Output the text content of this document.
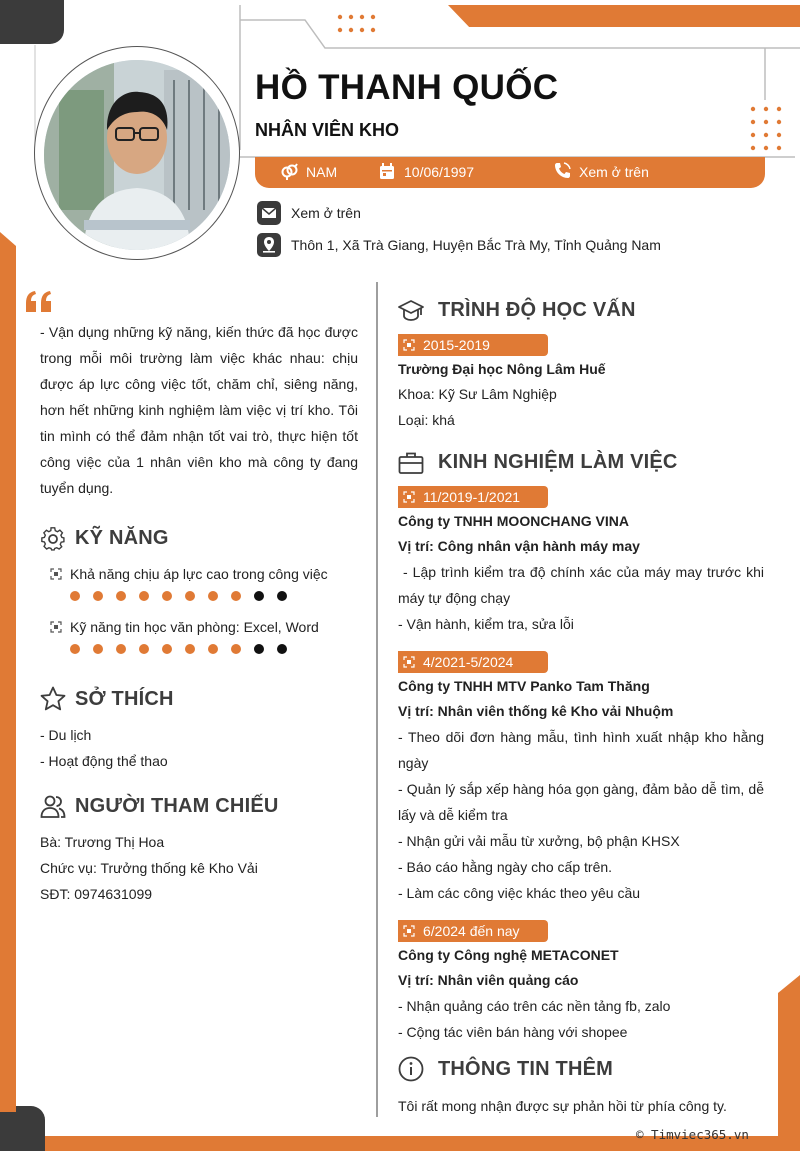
HỒ THANH QUỐC
NHÂN VIÊN KHO
NAM	10/06/1997	Xem ở trên
Xem ở trên
Thôn 1, Xã Trà Giang, Huyện Bắc Trà My, Tỉnh Quảng Nam
- Vận dụng những kỹ năng, kiến thức đã học được
trong mỗi môi trường làm việc khác nhau: chịu
được áp lực công việc tốt, chăm chỉ, siêng năng,
hơn hết những kinh nghiệm làm việc vị trí kho. Tôi
tin mình có thể đảm nhận tốt vai trò, thực hiện tốt
công việc của 1 nhân viên kho mà công ty đang
tuyển dụng.
KỸ NĂNG
Khả năng chịu áp lực cao trong công việc
Kỹ năng tin học văn phòng: Excel, Word
SỞ THÍCH
- Du lịch
- Hoạt động thể thao
NGƯỜI THAM CHIẾU
Bà: Trương Thị Hoa
Chức vụ: Trưởng thống kê Kho Vải
SĐT: 0974631099
TRÌNH ĐỘ HỌC VẤN
2015-2019
Trường Đại học Nông Lâm Huế
Khoa: Kỹ Sư Lâm Nghiệp
Loại: khá
KINH NGHIỆM LÀM VIỆC
11/2019-1/2021
Công ty TNHH MOONCHANG VINA
Vị trí: Công nhân vận hành máy may
- Lập trình kiểm tra độ chính xác của máy may trước khi
máy tự động chạy
- Vận hành, kiểm tra, sửa lỗi
4/2021-5/2024
Công ty TNHH MTV Panko Tam Thăng
Vị trí: Nhân viên thống kê Kho vải Nhuộm
- Theo dõi đơn hàng mẫu, tình hình xuất nhập kho hằng
ngày
- Quản lý sắp xếp hàng hóa gọn gàng, đảm bảo dễ tìm, dễ
lấy và dễ kiểm tra
- Nhận gửi vải mẫu từ xưởng, bộ phận KHSX
- Báo cáo hằng ngày cho cấp trên.
- Làm các công việc khác theo yêu cầu
6/2024 đến nay
Công ty Công nghệ METACONET
Vị trí: Nhân viên quảng cáo
- Nhận quảng cáo trên các nền tảng fb, zalo
- Cộng tác viên bán hàng với shopee
THÔNG TIN THÊM
Tôi rất mong nhận được sự phản hồi từ phía công ty.
© Timviec365.vn
